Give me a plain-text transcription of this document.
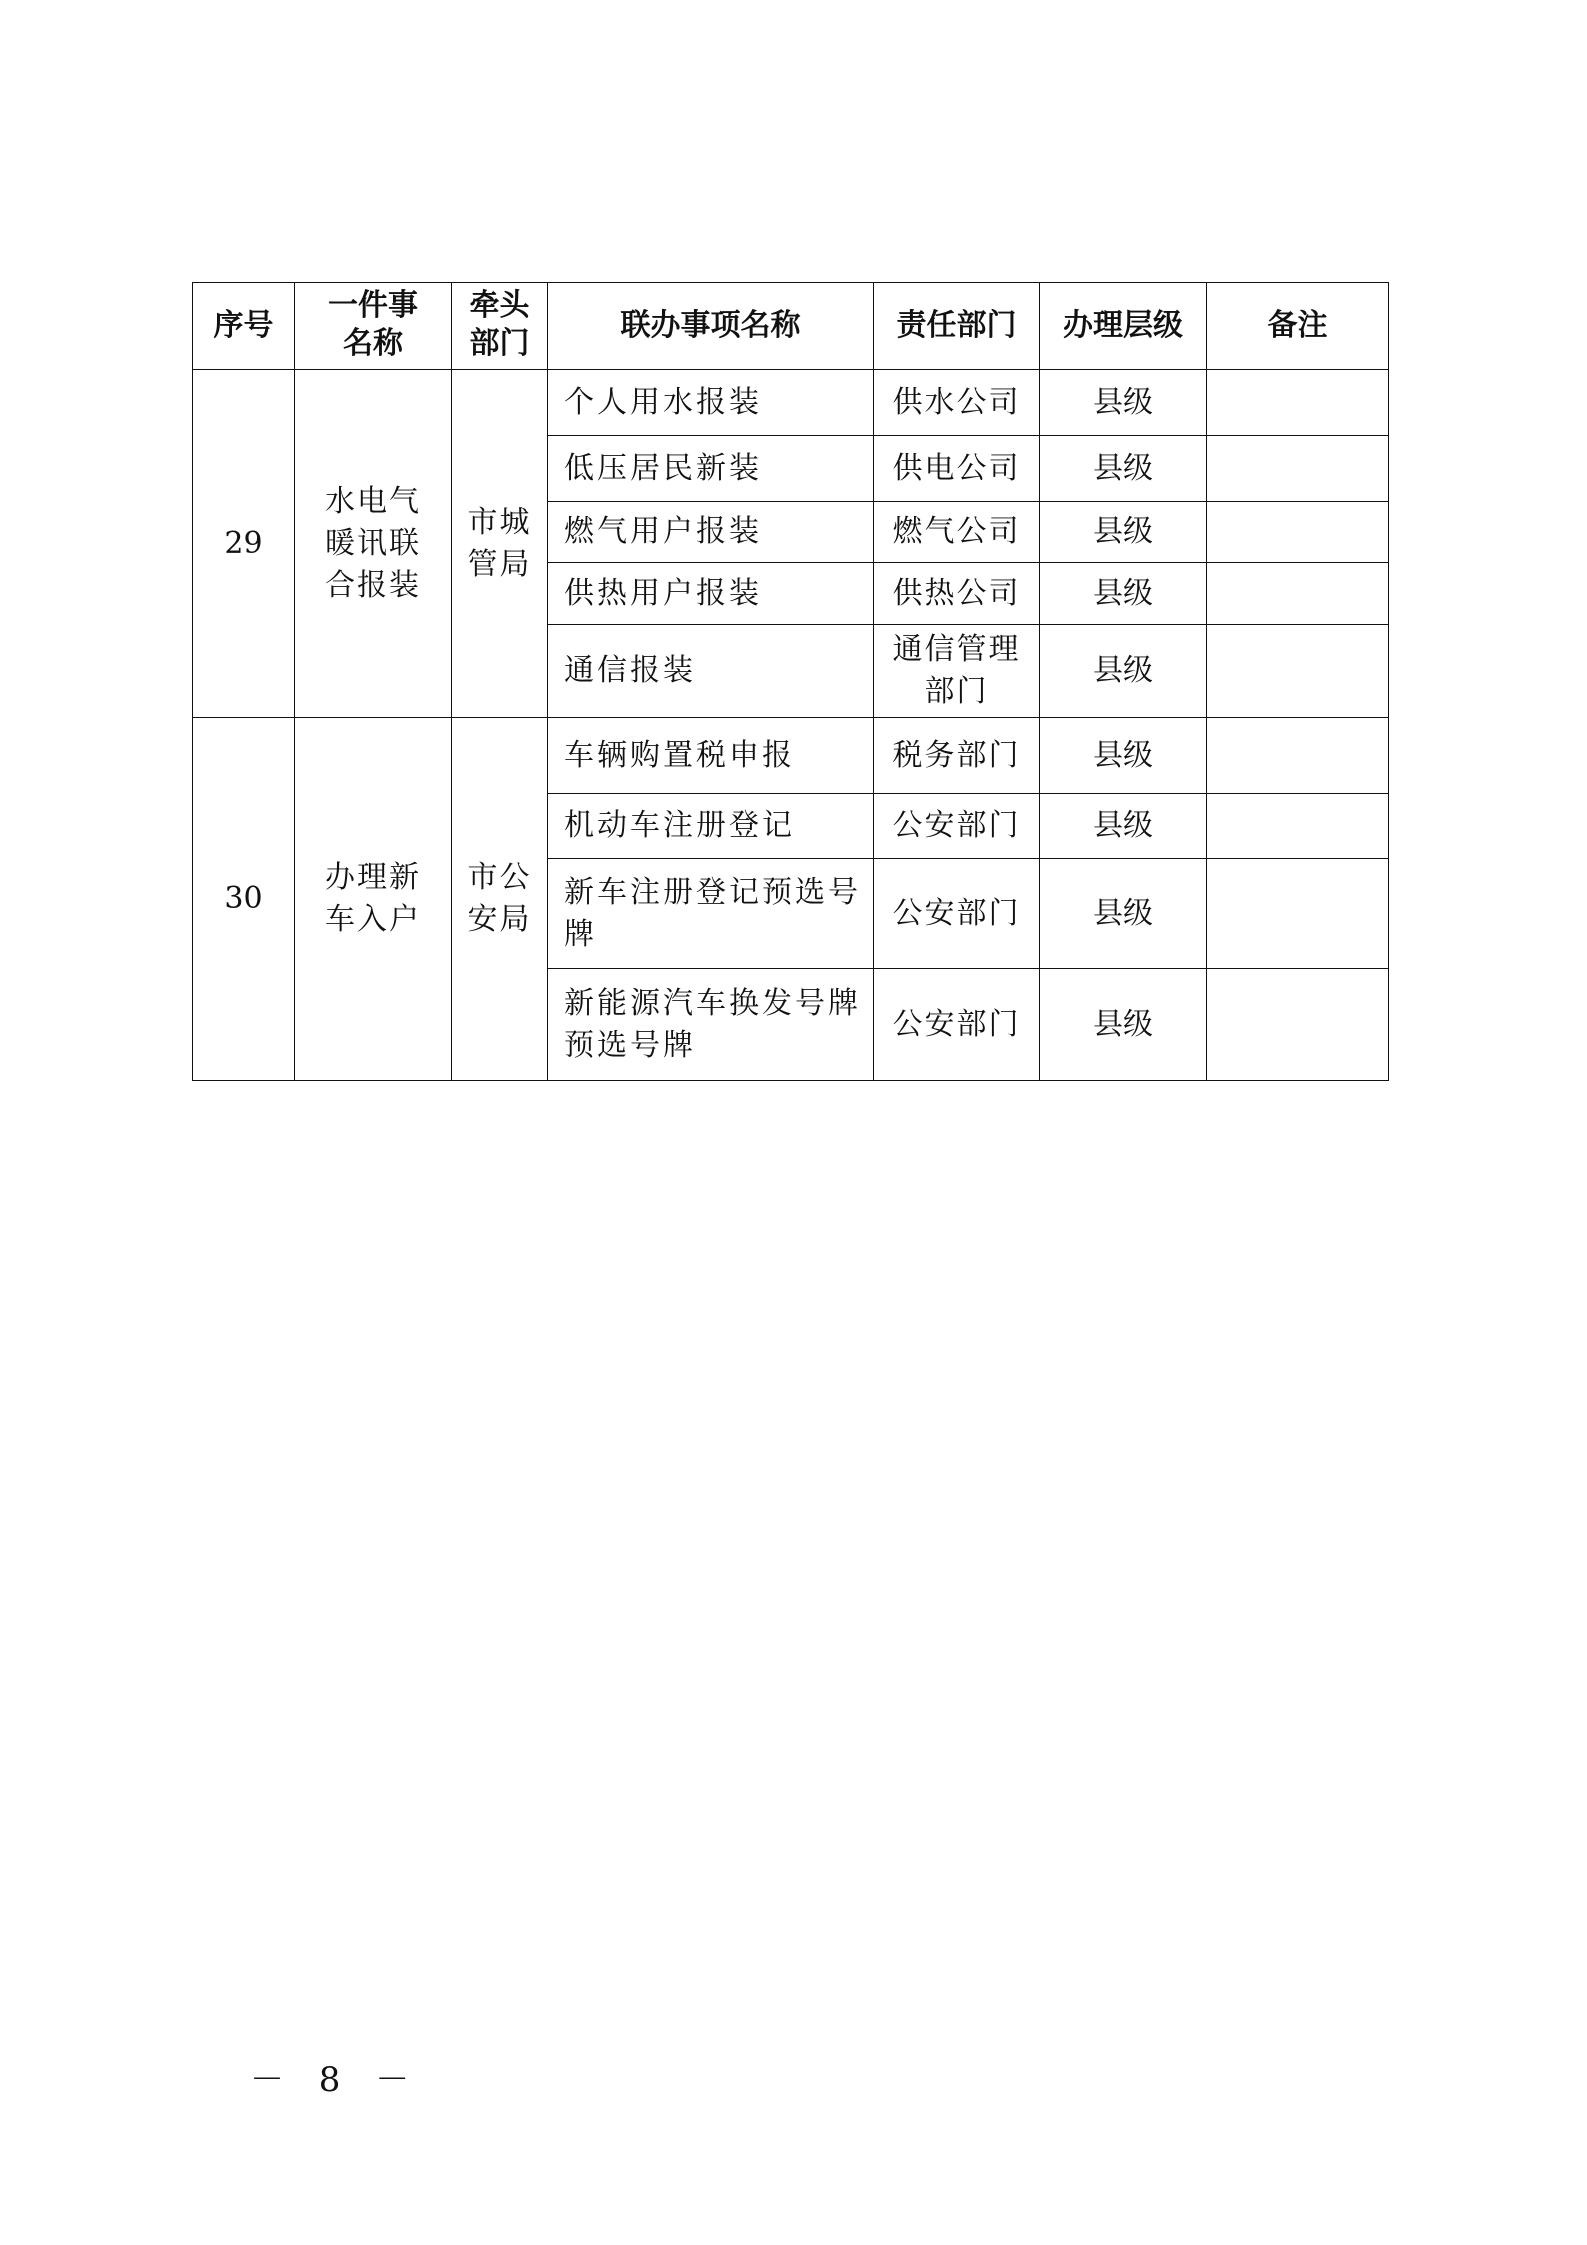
序号	一件事名称	牵头部门	联办事项名称	责任部门	办理层级	备注
29	水电气暖讯联合报装	市城管局	个人用水报装	供水公司	县级	
			低压居民新装	供电公司	县级	
			燃气用户报装	燃气公司	县级	
			供热用户报装	供热公司	县级	
			通信报装	通信管理部门	县级	
30	办理新车入户	市公安局	车辆购置税申报	税务部门	县级	
			机动车注册登记	公安部门	县级	
			新车注册登记预选号牌	公安部门	县级	
			新能源汽车换发号牌预选号牌	公安部门	县级	
－ 8 －
